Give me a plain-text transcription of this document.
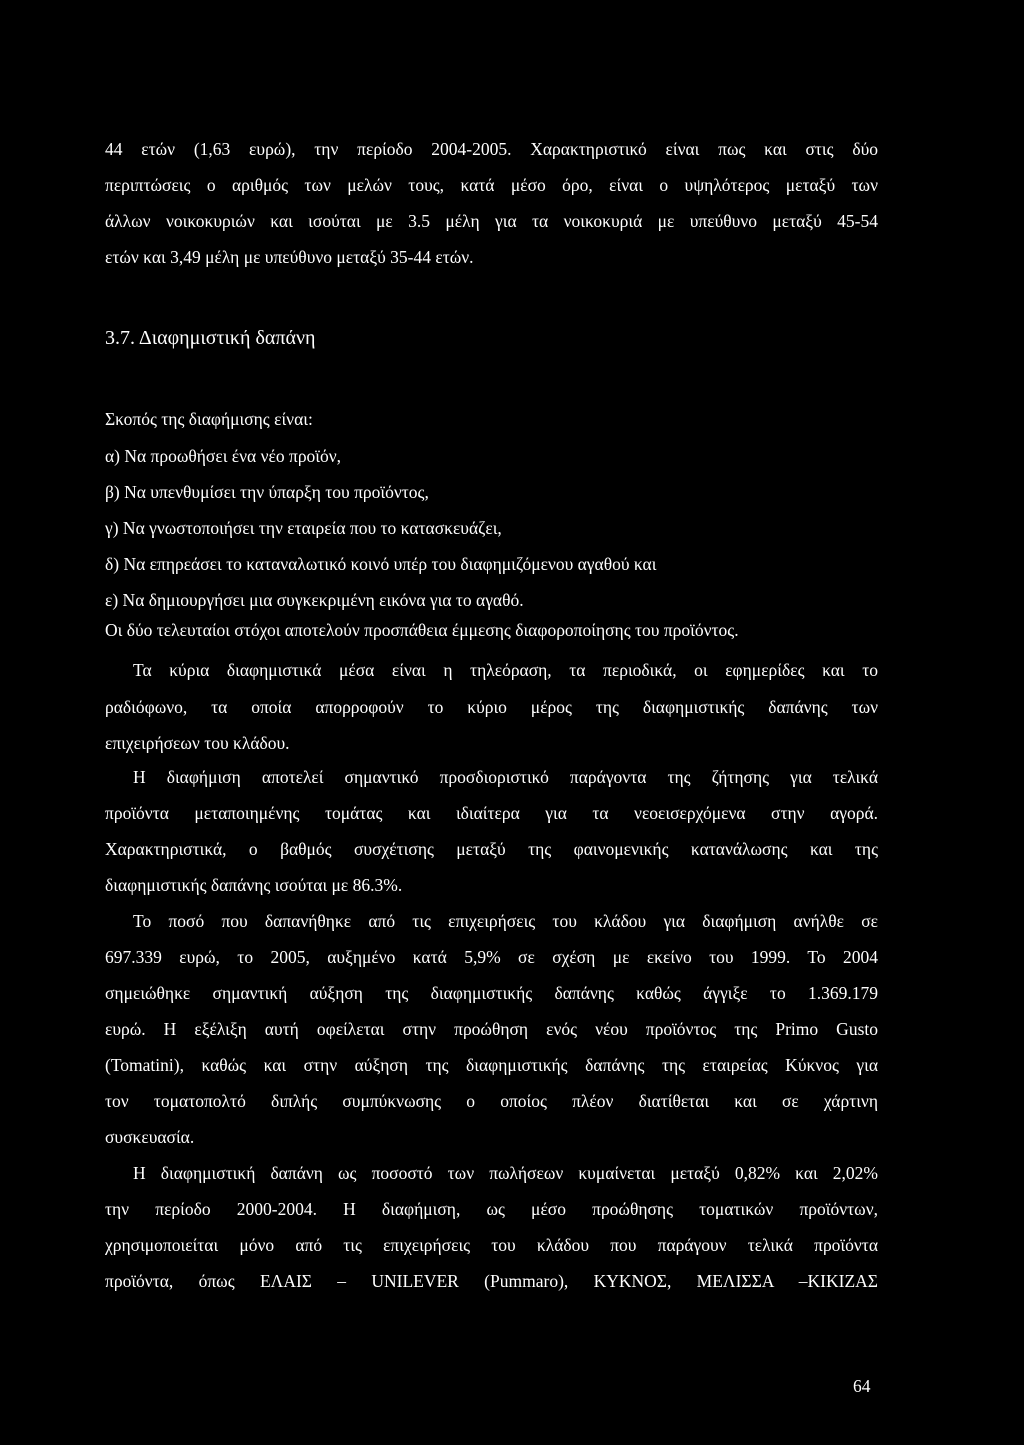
44 ετών (1,63 ευρώ), την περίοδο 2004-2005. Χαρακτηριστικό είναι πως και στις δύο
περιπτώσεις ο αριθμός των μελών τους, κατά μέσο όρο, είναι ο υψηλότερος μεταξύ των
άλλων νοικοκυριών και ισούται με 3.5 μέλη για τα νοικοκυριά με υπεύθυνο μεταξύ 45-54
ετών και 3,49 μέλη με υπεύθυνο μεταξύ 35-44 ετών.
3.7. Διαφημιστική δαπάνη
Σκοπός της διαφήμισης είναι:
α) Να προωθήσει ένα νέο προϊόν,
β) Να υπενθυμίσει την ύπαρξη του προϊόντος,
γ) Να γνωστοποιήσει την εταιρεία που το κατασκευάζει,
δ) Να επηρεάσει το καταναλωτικό κοινό υπέρ του διαφημιζόμενου αγαθού και
ε) Να δημιουργήσει μια συγκεκριμένη εικόνα για το αγαθό.
Οι δύο τελευταίοι στόχοι αποτελούν προσπάθεια έμμεσης διαφοροποίησης του προϊόντος.
Τα κύρια διαφημιστικά μέσα είναι η τηλεόραση, τα περιοδικά, οι εφημερίδες και το
ραδιόφωνο, τα οποία απορροφούν το κύριο μέρος της διαφημιστικής δαπάνης των
επιχειρήσεων του κλάδου.
Η διαφήμιση αποτελεί σημαντικό προσδιοριστικό παράγοντα της ζήτησης για τελικά
προϊόντα μεταποιημένης τομάτας και ιδιαίτερα για τα νεοεισερχόμενα στην αγορά.
Χαρακτηριστικά, ο βαθμός συσχέτισης μεταξύ της φαινομενικής κατανάλωσης και της
διαφημιστικής δαπάνης ισούται με 86.3%.
Το ποσό που δαπανήθηκε από τις επιχειρήσεις του κλάδου για διαφήμιση ανήλθε σε
697.339 ευρώ, το 2005, αυξημένο κατά 5,9% σε σχέση με εκείνο του 1999. Το 2004
σημειώθηκε σημαντική αύξηση της διαφημιστικής δαπάνης καθώς άγγιξε το 1.369.179
ευρώ. Η εξέλιξη αυτή οφείλεται στην προώθηση ενός νέου προϊόντος της Primo Gusto
(Tomatini), καθώς και στην αύξηση της διαφημιστικής δαπάνης της εταιρείας Κύκνος για
τον τοματοπολτό διπλής συμπύκνωσης ο οποίος πλέον διατίθεται και σε χάρτινη
συσκευασία.
Η διαφημιστική δαπάνη ως ποσοστό των πωλήσεων κυμαίνεται μεταξύ 0,82% και 2,02%
την περίοδο 2000-2004. Η διαφήμιση, ως μέσο προώθησης τοματικών προϊόντων,
χρησιμοποιείται μόνο από τις επιχειρήσεις του κλάδου που παράγουν τελικά προϊόντα
προϊόντα, όπως ΕΛΑΙΣ – UNILEVER (Pummaro), ΚΥΚΝΟΣ, ΜΕΛΙΣΣΑ –ΚΙΚΙΖΑΣ
64
